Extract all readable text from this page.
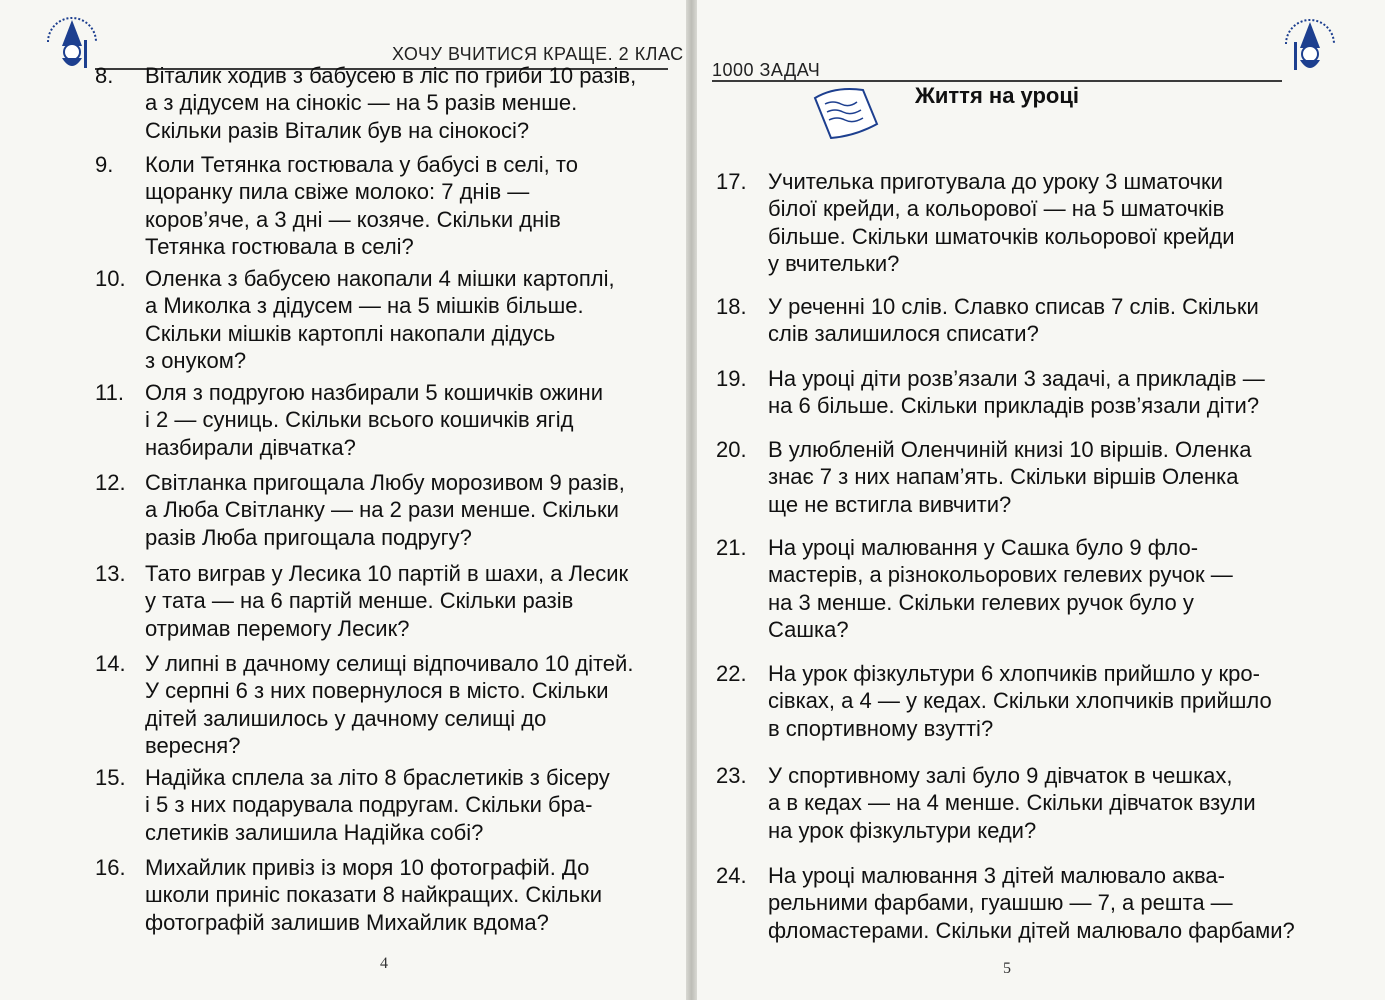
ХОЧУ ВЧИТИСЯ КРАЩЕ. 2 КЛАС
1000 ЗАДАЧ
Життя на уроці
8.	Віталик ходив з бабусею в ліс по гриби 10 разів,
а з дідусем на сінокіс — на 5 разів менше.
Скільки разів Віталик був на сінокосі?
9.	Коли Тетянка гостювала у бабусі в селі, то
щоранку пила свіже молоко: 7 днів —
коров’яче, а 3 дні — козяче. Скільки днів
Тетянка гостювала в селі?
10. Оленка з бабусею накопали 4 мішки картоплі,
а Миколка з дідусем — на 5 мішків більше.
Скільки мішків картоплі накопали дідусь
з онуком?
11. Оля з подругою назбирали 5 кошичків ожини
і 2 — суниць. Скільки всього кошичків ягід
назбирали дівчатка?
12. Світланка пригощала Любу морозивом 9 разів,
а Люба Світланку — на 2 рази менше. Скільки
разів Люба пригощала подругу?
13. Тато виграв у Лесика 10 партій в шахи, а Лесик
у тата — на 6 партій менше. Скільки разів
отримав перемогу Лесик?
14. У липні в дачному селищі відпочивало 10 дітей.
У серпні 6 з них повернулося в місто. Скільки
дітей залишилось у дачному селищі до
вересня?
15. Надійка сплела за літо 8 браслетиків з бісеру
і 5 з них подарувала подругам. Скільки бра-
слетиків залишила Надійка собі?
16. Михайлик привіз із моря 10 фотографій. До
школи приніс показати 8 найкращих. Скільки
фотографій залишив Михайлик вдома?
17. Учителька приготувала до уроку 3 шматочки
білої крейди, а кольорової — на 5 шматочків
більше. Скільки шматочків кольорової крейди
у вчительки?
18. У реченні 10 слів. Славко списав 7 слів. Скільки
слів залишилося списати?
19. На уроці діти розв’язали 3 задачі, а прикладів —
на 6 більше. Скільки прикладів розв’язали діти?
20. В улюбленій Оленчиній книзі 10 віршів. Оленка
знає 7 з них напам’ять. Скільки віршів Оленка
ще не встигла вивчити?
21. На уроці малювання у Сашка було 9 фло-
мастерів, а різнокольорових гелевих ручок —
на 3 менше. Скільки гелевих ручок було у
Сашка?
22. На урок фізкультури 6 хлопчиків прийшло у кро-
сівках, а 4 — у кедах. Скільки хлопчиків прийшло
в спортивному взутті?
23. У спортивному залі було 9 дівчаток в чешках,
а в кедах — на 4 менше. Скільки дівчаток взули
на урок фізкультури кеди?
24. На уроці малювання 3 дітей малювало аква-
рельними фарбами, гуашшю — 7, а решта —
фломастерами. Скільки дітей малювало фарбами?
4	5
